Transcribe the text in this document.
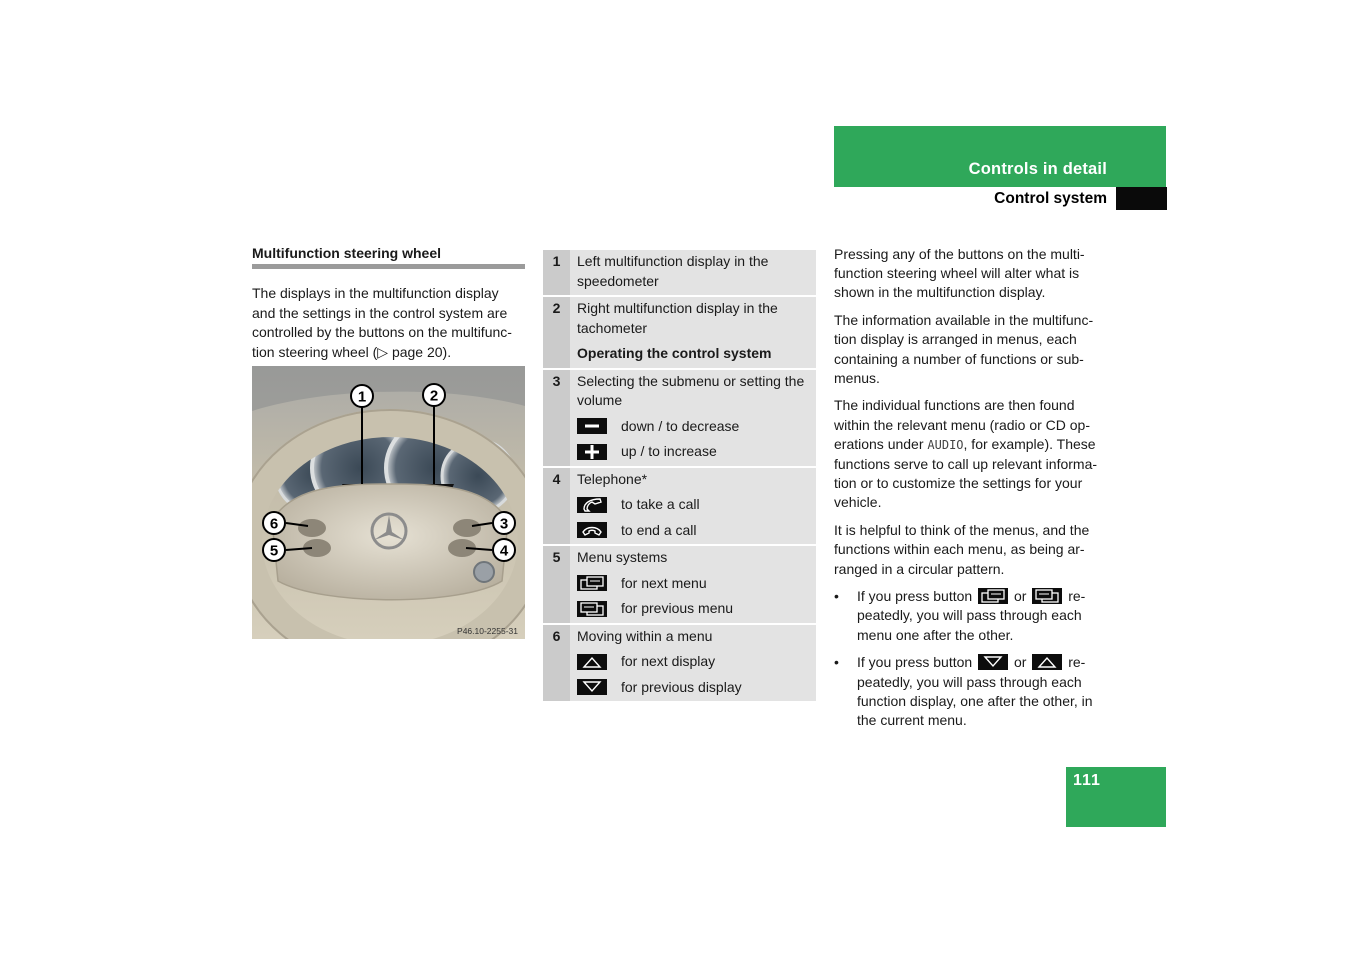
Controls in detail
Control system
Multifunction steering wheel
The displays in the multifunction display and the settings in the control system are controlled by the buttons on the multifunc-tion steering wheel (▷ page 20).
1	2
3
4
5
6
P46.10-2255-31
1	Left multifunction display in the speedometer

2	Right multifunction display in the tachometer

Operating the control system

3	Selecting the submenu or setting the volume

down / to decrease
up / to increase
4	Telephone*

to take a call
to end a call
5	Menu systems

for next menu
for previous menu
6	Moving within a menu

for next display
for previous display

Pressing any of the buttons on the multi-function steering wheel will alter what is shown in the multifunction display.

The information available in the multifunc-tion display is arranged in menus, each containing a number of functions or sub-menus.

The individual functions are then found within the relevant menu (radio or CD op-erations under AUDIO, for example). These functions serve to call up relevant informa-tion or to customize the settings for your vehicle.

It is helpful to think of the menus, and the functions within each menu, as being ar-ranged in a circular pattern.

•	If you press button	or	re-peatedly, you will pass through each menu one after the other.
•	If you press button	or	re-peatedly, you will pass through each function display, one after the other, in the current menu.
111
